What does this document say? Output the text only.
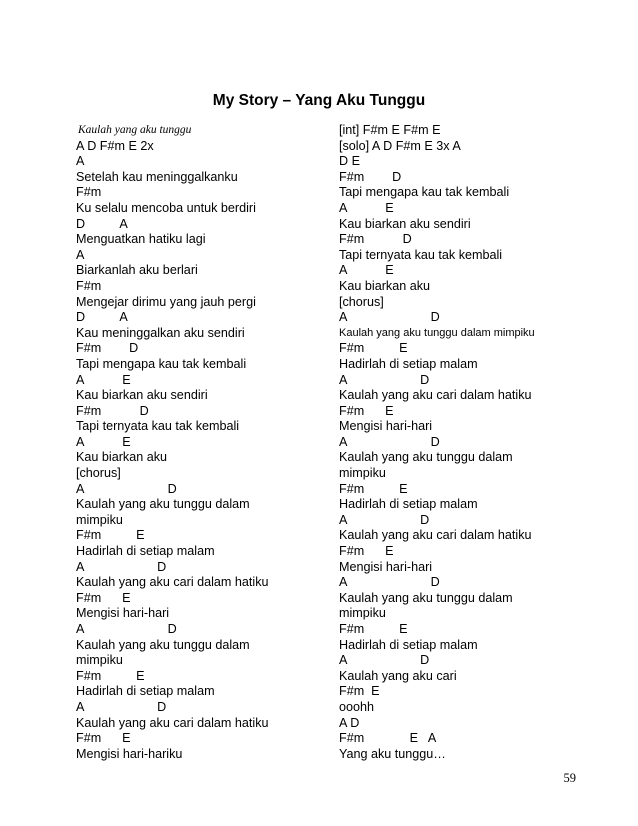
My Story – Yang Aku Tunggu
Kaulah yang aku tunggu
A D F#m E 2x
A
Setelah kau meninggalkanku
F#m
Ku selalu mencoba untuk berdiri
D          A
Menguatkan hatiku lagi
A
Biarkanlah aku berlari
F#m
Mengejar dirimu yang jauh pergi
D          A
Kau meninggalkan aku sendiri
F#m        D
Tapi mengapa kau tak kembali
A           E
Kau biarkan aku sendiri
F#m           D
Tapi ternyata kau tak kembali
A           E
Kau biarkan aku
[chorus]
A                        D
Kaulah yang aku tunggu dalam
mimpiku
F#m          E
Hadirlah di setiap malam
A                     D
Kaulah yang aku cari dalam hatiku
F#m      E
Mengisi hari-hari
A                        D
Kaulah yang aku tunggu dalam
mimpiku
F#m          E
Hadirlah di setiap malam
A                     D
Kaulah yang aku cari dalam hatiku
F#m      E
Mengisi hari-hariku
[int] F#m E F#m E
[solo] A D F#m E 3x A
D E
F#m        D
Tapi mengapa kau tak kembali
A           E
Kau biarkan aku sendiri
F#m           D
Tapi ternyata kau tak kembali
A           E
Kau biarkan aku
[chorus]
A                        D
Kaulah yang aku tunggu dalam mimpiku
F#m          E
Hadirlah di setiap malam
A                     D
Kaulah yang aku cari dalam hatiku
F#m      E
Mengisi hari-hari
A                        D
Kaulah yang aku tunggu dalam
mimpiku
F#m          E
Hadirlah di setiap malam
A                     D
Kaulah yang aku cari dalam hatiku
F#m      E
Mengisi hari-hari
A                        D
Kaulah yang aku tunggu dalam
mimpiku
F#m          E
Hadirlah di setiap malam
A                     D
Kaulah yang aku cari
F#m  E
ooohh
A D
F#m             E   A
Yang aku tunggu…
59
